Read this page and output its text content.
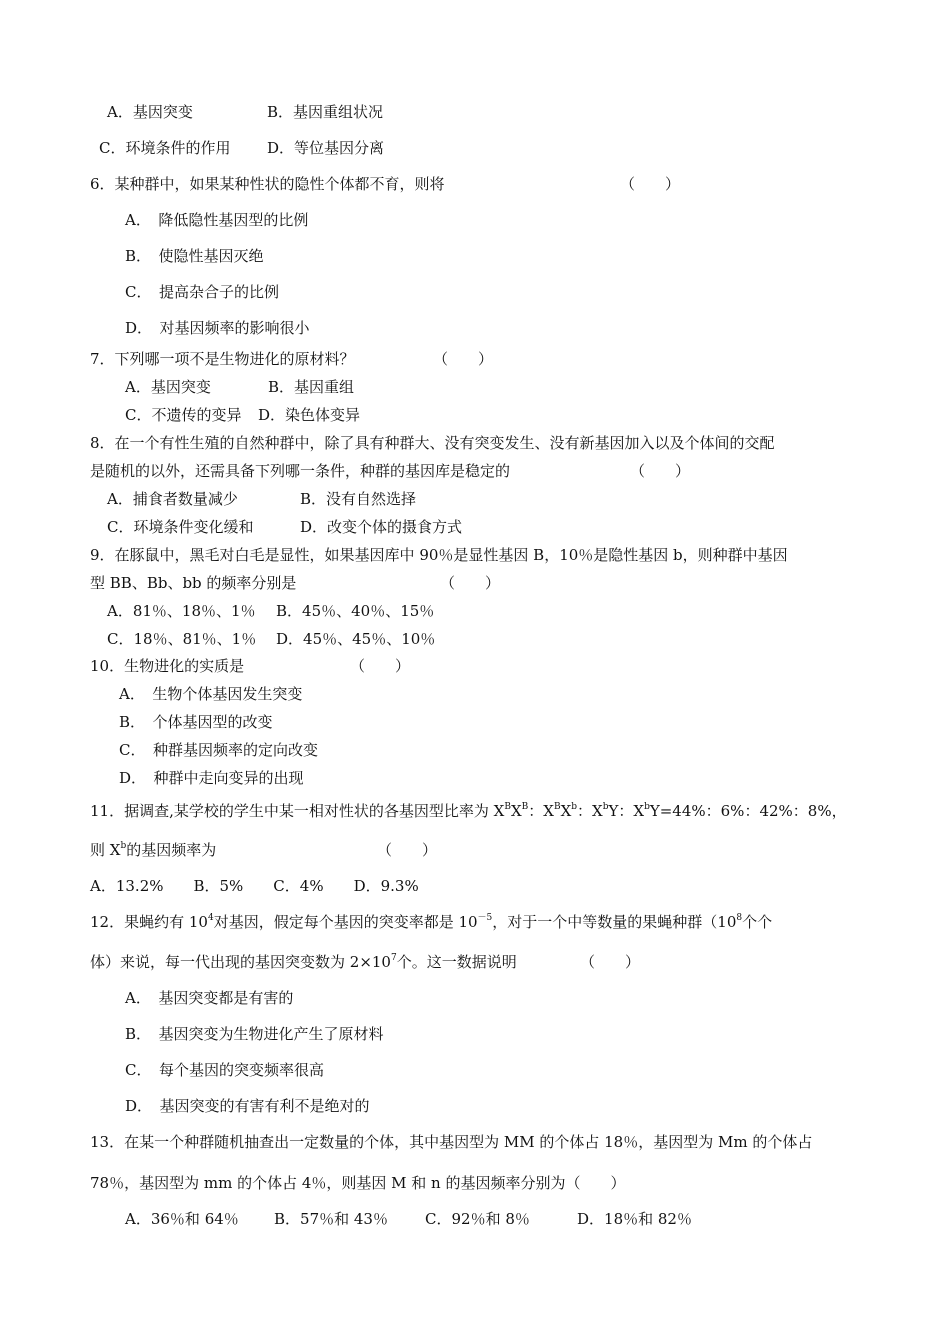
A．基因突变	B．基因重组状况
C．环境条件的作用 D．等位基因分离
6．某种群中，如果某种性状的隐性个体都不育，则将	（　　）
A．　降低隐性基因型的比例
B．　使隐性基因灭绝
C．　提高杂合子的比例
D．　对基因频率的影响很小
7．下列哪一项不是生物进化的原材料？	（　　）
A．基因突变	B．基因重组
C．不遗传的变异 D．染色体变异
8．在一个有性生殖的自然种群中，除了具有种群大、没有突变发生、没有新基因加入以及个体间的交配
是随机的以外，还需具备下列哪一条件，种群的基因库是稳定的	（　　）
A．捕食者数量减少	B．没有自然选择
C．环境条件变化缓和	D．改变个体的摄食方式
9．在豚鼠中，黑毛对白毛是显性，如果基因库中 90％是显性基因 B，10％是隐性基因 b，则种群中基因
型 BB、Bb、bb 的频率分别是	（　　）
A．81％、18％、1％ B．45％、40％、15％
C．18％、81％、1％ D．45％、45％、10％
10．生物进化的实质是	（　　）
A．　生物个体基因发生突变
B．　个体基因型的改变
C．　种群基因频率的定向改变
D．　种群中走向变异的出现
11．据调查,某学校的学生中某一相对性状的各基因型比率为 $X^BX^B$：$X^BX^b$：$X^bY$：$X^bY=44\%$：6%：42%：8%，
则 $X^b$的基因频率为	（　　）
A．13.2%　　B．5%　　C．4%　　D．9.3%
12．果蝇约有 $10^4$对基因，假定每个基因的突变率都是 $10^{-5}$，对于一个中等数量的果蝇种群（$10^8$个个
体）来说，每一代出现的基因突变数为 $2\times 10^7$个。这一数据说明	（　　）
A．　基因突变都是有害的
B．　基因突变为生物进化产生了原材料
C．　每个基因的突变频率很高
D．　基因突变的有害有利不是绝对的
13．在某一个种群随机抽查出一定数量的个体，其中基因型为 MM 的个体占 18％，基因型为 Mm 的个体占
78％，基因型为 mm 的个体占 4％，则基因 M 和 n 的基因频率分别为（　　）
A．36％和 64％ B．57％和 43％ C．92％和 8％	D．18％和 82％
